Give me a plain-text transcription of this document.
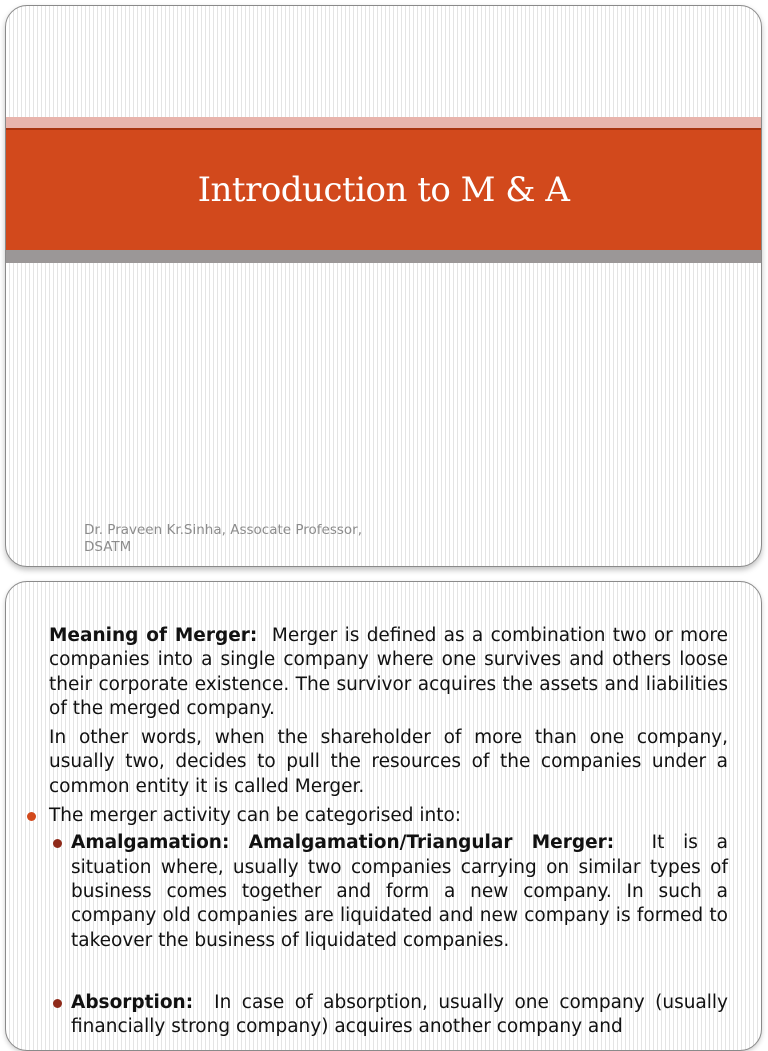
Introduction to M & A
Dr. Praveen Kr.Sinha, Assocate Professor,
DSATM

Meaning of Merger: Merger is defined as a combination two or more companies into a single company where one survives and others loose their corporate existence. The survivor acquires the assets and liabilities of the merged company.

In other words, when the shareholder of more than one company, usually two, decides to pull the resources of the companies under a common entity it is called Merger.

The merger activity can be categorised into:
Amalgamation: Amalgamation/Triangular Merger: It is a situation where, usually two companies carrying on similar types of business comes together and form a new company. In such a company old companies are liquidated and new company is formed to takeover the business of liquidated companies.
Absorption: In case of absorption, usually one company (usually financially strong company) acquires another company and
